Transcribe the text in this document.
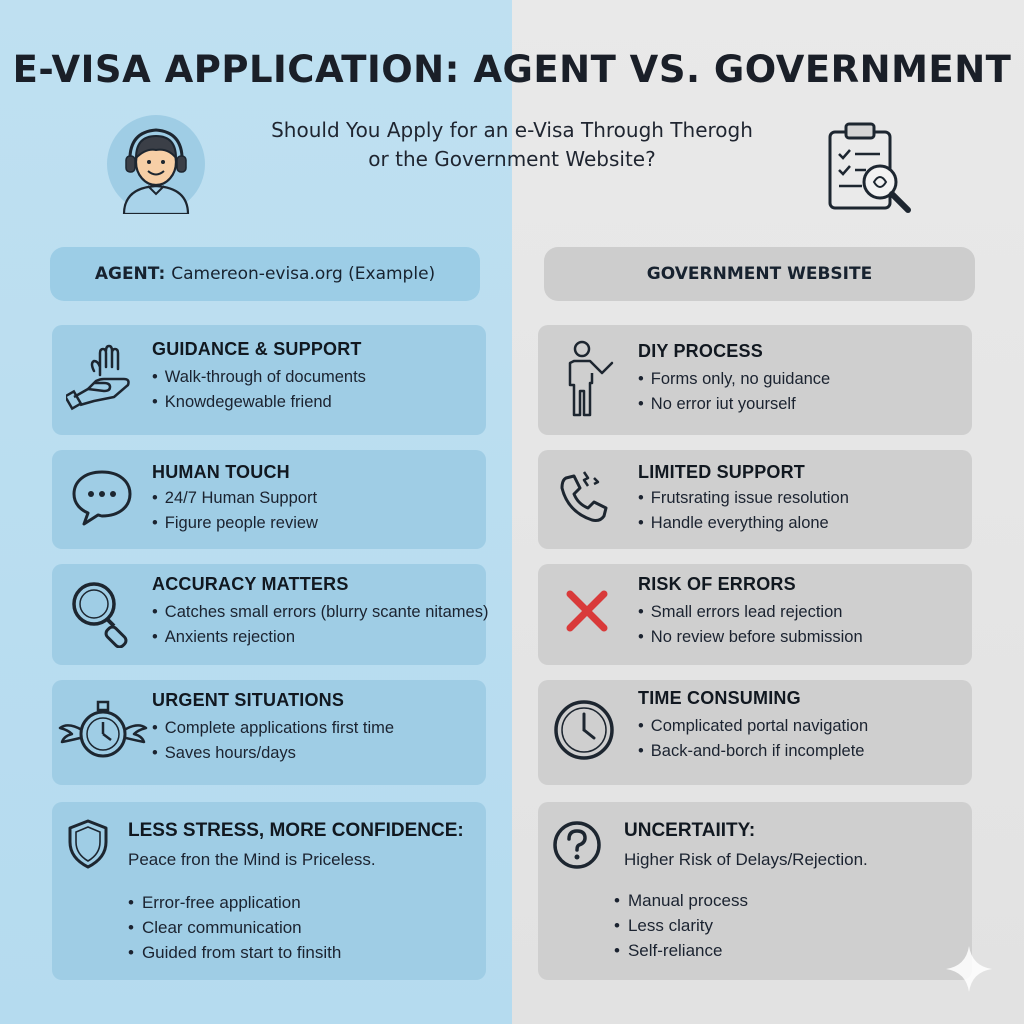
E-VISA APPLICATION: AGENT VS. GOVERNMENT
Should You Apply for an e-Visa Through Therogh
or the Government Website?
AGENT: Camereon-evisa.org (Example)	GOVERNMENT WEBSITE
GUIDANCE & SUPPORT
• Walk-through of documents
• Knowdegewable friend
HUMAN TOUCH
• 24/7 Human Support
• Figure people review
ACCURACY MATTERS
• Catches small errors (blurry scante nitames)
• Anxients rejection
URGENT SITUATIONS
• Complete applications first time
• Saves hours/days
LESS STRESS, MORE CONFIDENCE:
Peace fron the Mind is Priceless.
• Error-free application
• Clear communication
• Guided from start to finsith
DIY PROCESS
• Forms only, no guidance
• No error iut yourself
LIMITED SUPPORT
• Frutsrating issue resolution
• Handle everything alone
RISK OF ERRORS
• Small errors lead rejection
• No review before submission
TIME CONSUMING
• Complicated portal navigation
• Back-and-borch if incomplete
UNCERTAIITY:
Higher Risk of Delays/Rejection.
• Manual process
• Less clarity
• Self-reliance
